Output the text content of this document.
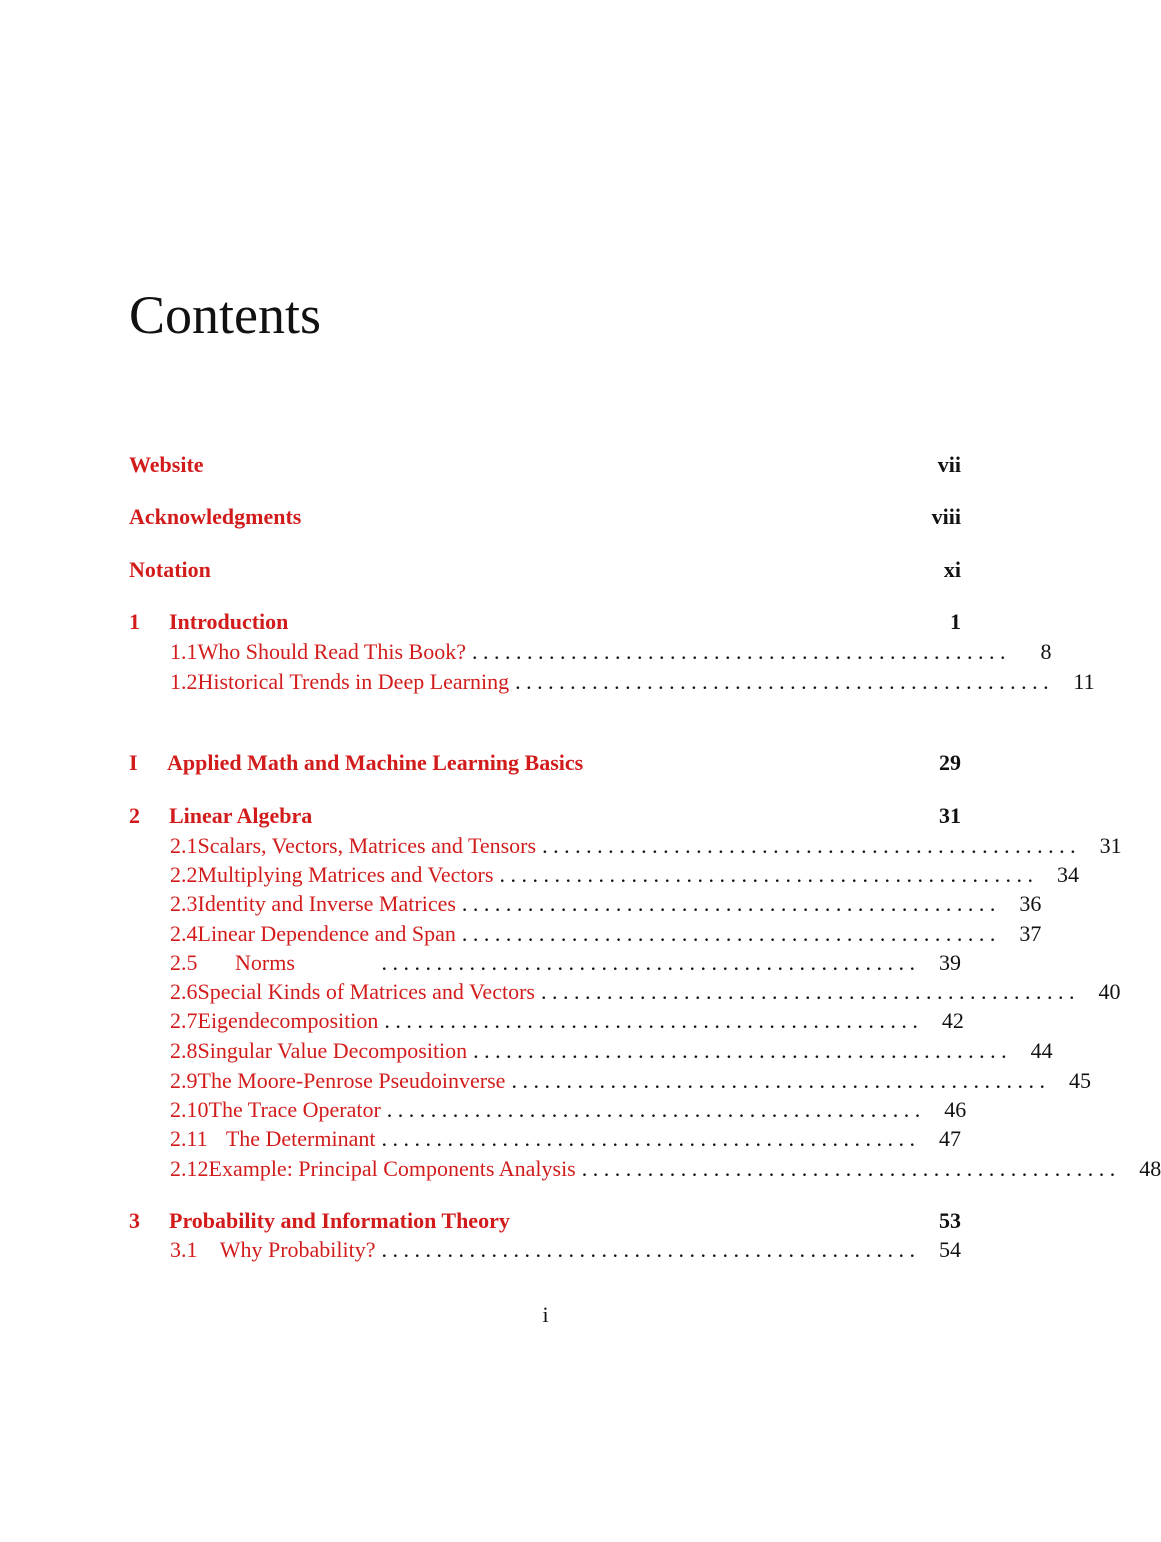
Contents
Website	vii
Acknowledgments	viii
Notation	xi
1	Introduction	1
1.1 Who Should Read This Book? . . . . . . . . . . . . . . . . . . . . . . . . . . . . . . . . . . . . . . . . . . . . . . . . .	8
1.2 Historical Trends in Deep Learning . . . . . . . . . . . . . . . . . . . . . . . . . . . . . . . . . . . . . . . . . . . . . . . . .	11
I	Applied Math and Machine Learning Basics	29
2	Linear Algebra	31
2.1 Scalars, Vectors, Matrices and Tensors . . . . . . . . . . . . . . . . . . . . . . . . . . . . . . . . . . . . . . . . . . . . . . . . .	31
2.2 Multiplying Matrices and Vectors . . . . . . . . . . . . . . . . . . . . . . . . . . . . . . . . . . . . . . . . . . . . . . . . .	34
2.3 Identity and Inverse Matrices . . . . . . . . . . . . . . . . . . . . . . . . . . . . . . . . . . . . . . . . . . . . . . . . .	36
2.4 Linear Dependence and Span . . . . . . . . . . . . . . . . . . . . . . . . . . . . . . . . . . . . . . . . . . . . . . . . .	37
2.5	Norms	. . . . . . . . . . . . . . . . . . . . . . . . . . . . . . . . . . . . . . . . . . . . . . . . .	39
2.6 Special Kinds of Matrices and Vectors . . . . . . . . . . . . . . . . . . . . . . . . . . . . . . . . . . . . . . . . . . . . . . . . .	40
2.7 Eigendecomposition . . . . . . . . . . . . . . . . . . . . . . . . . . . . . . . . . . . . . . . . . . . . . . . . .	42
2.8 Singular Value Decomposition . . . . . . . . . . . . . . . . . . . . . . . . . . . . . . . . . . . . . . . . . . . . . . . . .	44
2.9 The Moore-Penrose Pseudoinverse . . . . . . . . . . . . . . . . . . . . . . . . . . . . . . . . . . . . . . . . . . . . . . . . .	45
2.10 The Trace Operator . . . . . . . . . . . . . . . . . . . . . . . . . . . . . . . . . . . . . . . . . . . . . . . . .	46
2.11 The Determinant . . . . . . . . . . . . . . . . . . . . . . . . . . . . . . . . . . . . . . . . . . . . . . . . .	47
2.12 Example: Principal Components Analysis . . . . . . . . . . . . . . . . . . . . . . . . . . . . . . . . . . . . . . . . . . . . . . . . .	48
3	Probability and Information Theory	53
3.1	Why Probability? . . . . . . . . . . . . . . . . . . . . . . . . . . . . . . . . . . . . . . . . . . . . . . . . .	54
i
